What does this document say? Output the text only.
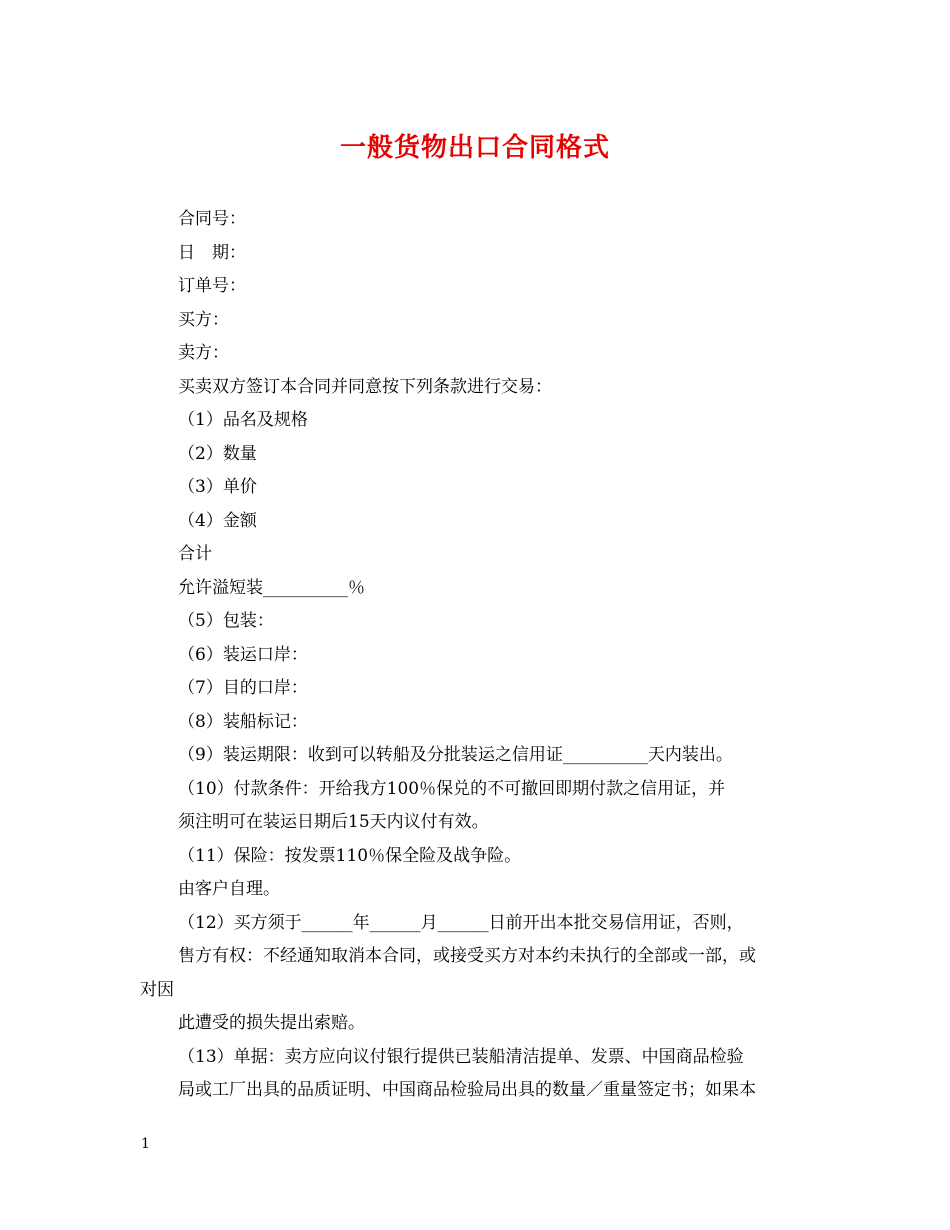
一般货物出口合同格式
合同号：
日　期：
订单号：
买方：
卖方：
买卖双方签订本合同并同意按下列条款进行交易：
（1）品名及规格
（2）数量
（3）单价
（4）金额
合计
允许溢短装__________％
（5）包装：
（6）装运口岸：
（7）目的口岸：
（8）装船标记：
（9）装运期限：收到可以转船及分批装运之信用证__________天内装出。
（10）付款条件：开给我方100％保兑的不可撤回即期付款之信用证，并
须注明可在装运日期后15天内议付有效。
（11）保险：按发票110％保全险及战争险。
由客户自理。
（12）买方须于______年______月______日前开出本批交易信用证，否则，
售方有权：不经通知取消本合同，或接受买方对本约未执行的全部或一部，或
对因
此遭受的损失提出索赔。
（13）单据：卖方应向议付银行提供已装船清洁提单、发票、中国商品检验
局或工厂出具的品质证明、中国商品检验局出具的数量／重量签定书；如果本
1
